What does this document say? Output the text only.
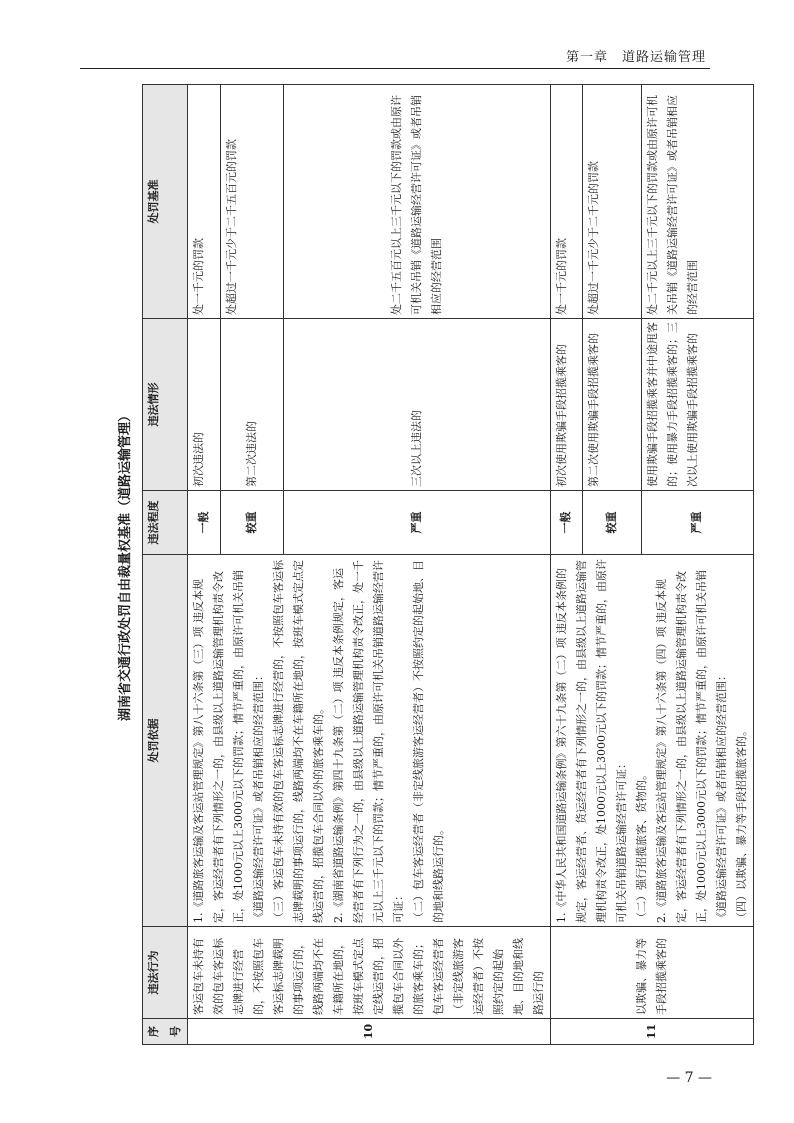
第一章　道路运输管理
湖南省交通行政处罚自由裁量权基准（道路运输管理）
序号	违法行为	处罚依据	违法程度	违法情形	处罚基准
10	客运包车未持有效的包车客运标志牌进行经营的，不按照包车客运标志牌载明的事项运行的，线路两端均不在车籍所在地的，按班车模式定点定线运营的，招揽包车合同以外的旅客乘车的；包车客运经营者（非定线旅游客运经营者）不按照约定的起始地、目的地和线路运行的	1.《道路旅客运输及客运站管理规定》第八十六条第（三）项 违反本规定，客运经营者有下列情形之一的，由县级以上道路运输管理机构责令改正，处1000元以上3000元以下的罚款；情节严重的，由原许可机关吊销《道路运输经营许可证》或者吊销相应的经营范围： （三）客运包车未持有效的包车客运标志牌进行经营的，不按照包车客运标志牌载明的事项运行的，线路两端均不在车籍所在地的，按班车模式定点定线运营的，招揽包车合同以外的旅客乘车的。 2.《湖南省道路运输条例》第四十九条第（二）项 违反本条例规定，客运经营者有下列行为之一的，由县级以上道路运输管理机构责令改正，处一千元以上三千元以下的罚款；情节严重的，由原许可机关吊销道路运输经营许可证： （二）包车客运经营者（非定线旅游客运经营者）不按照约定的起始地、目的地和线路运行的。	一般	初次违法的	处一千元的罚款
			较重	第二次违法的	处超过一千元少于二千五百元的罚款
			严重	三次以上违法的	处二千五百元以上三千元以下的罚款或由原许可机关吊销《道路运输经营许可证》或者吊销相应的经营范围
11	以欺骗、暴力等手段招揽乘客的	1.《中华人民共和国道路运输条例》第六十九条第（二）项 违反本条例的规定，客运经营者、货运经营者有下列情形之一的，由县级以上道路运输管理机构责令改正，处1000元以上3000元以下的罚款；情节严重的，由原许可机关吊销道路运输经营许可证： （二）强行招揽旅客、货物的。 2.《道路旅客运输及客运站管理规定》第八十六条第（四）项 违反本规定，客运经营者有下列情形之一的，由县级以上道路运输管理机构责令改正，处1000元以上3000元以下的罚款；情节严重的，由原许可机关吊销《道路运输经营许可证》或者吊销相应的经营范围： （四）以欺骗、暴力等手段招揽旅客的。	一般	初次使用欺骗手段招揽乘客的	处一千元的罚款
			较重	第二次使用欺骗手段招揽乘客的	处超过一千元少于二千元的罚款
			严重	使用欺骗手段招揽乘客并中途甩客的；使用暴力手段招揽乘客的；三次以上使用欺骗手段招揽乘客的	处二千元以上三千元以下的罚款或由原许可机关吊销《道路运输经营许可证》或者吊销相应的经营范围
— 7 —
